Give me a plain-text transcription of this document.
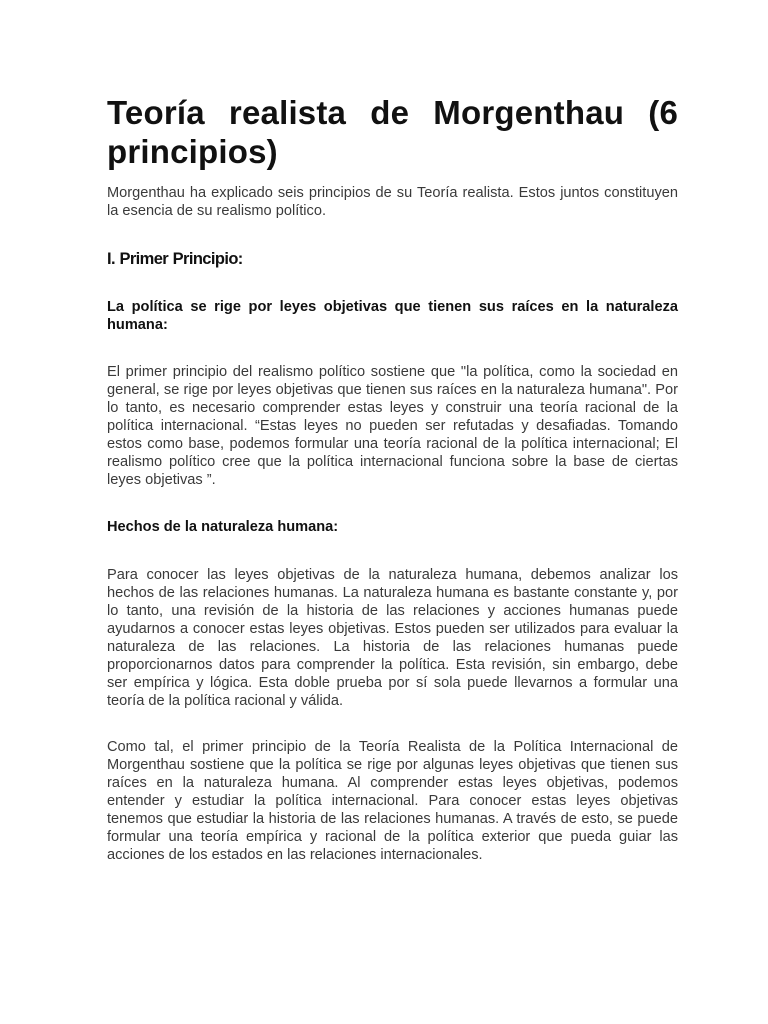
Teoría realista de Morgenthau (6 principios)

Morgenthau ha explicado seis principios de su Teoría realista. Estos juntos constituyen la esencia de su realismo político.

I. Primer Principio:

La política se rige por leyes objetivas que tienen sus raíces en la naturaleza humana:

El primer principio del realismo político sostiene que "la política, como la sociedad en general, se rige por leyes objetivas que tienen sus raíces en la naturaleza humana". Por lo tanto, es necesario comprender estas leyes y construir una teoría racional de la política internacional. “Estas leyes no pueden ser refutadas y desafiadas. Tomando estos como base, podemos formular una teoría racional de la política internacional; El realismo político cree que la política internacional funciona sobre la base de ciertas leyes objetivas ”.

Hechos de la naturaleza humana:

Para conocer las leyes objetivas de la naturaleza humana, debemos analizar los hechos de las relaciones humanas. La naturaleza humana es bastante constante y, por lo tanto, una revisión de la historia de las relaciones y acciones humanas puede ayudarnos a conocer estas leyes objetivas. Estos pueden ser utilizados para evaluar la naturaleza de las relaciones. La historia de las relaciones humanas puede proporcionarnos datos para comprender la política. Esta revisión, sin embargo, debe ser empírica y lógica. Esta doble prueba por sí sola puede llevarnos a formular una teoría de la política racional y válida.

Como tal, el primer principio de la Teoría Realista de la Política Internacional de Morgenthau sostiene que la política se rige por algunas leyes objetivas que tienen sus raíces en la naturaleza humana. Al comprender estas leyes objetivas, podemos entender y estudiar la política internacional. Para conocer estas leyes objetivas tenemos que estudiar la historia de las relaciones humanas. A través de esto, se puede formular una teoría empírica y racional de la política exterior que pueda guiar las acciones de los estados en las relaciones internacionales.
